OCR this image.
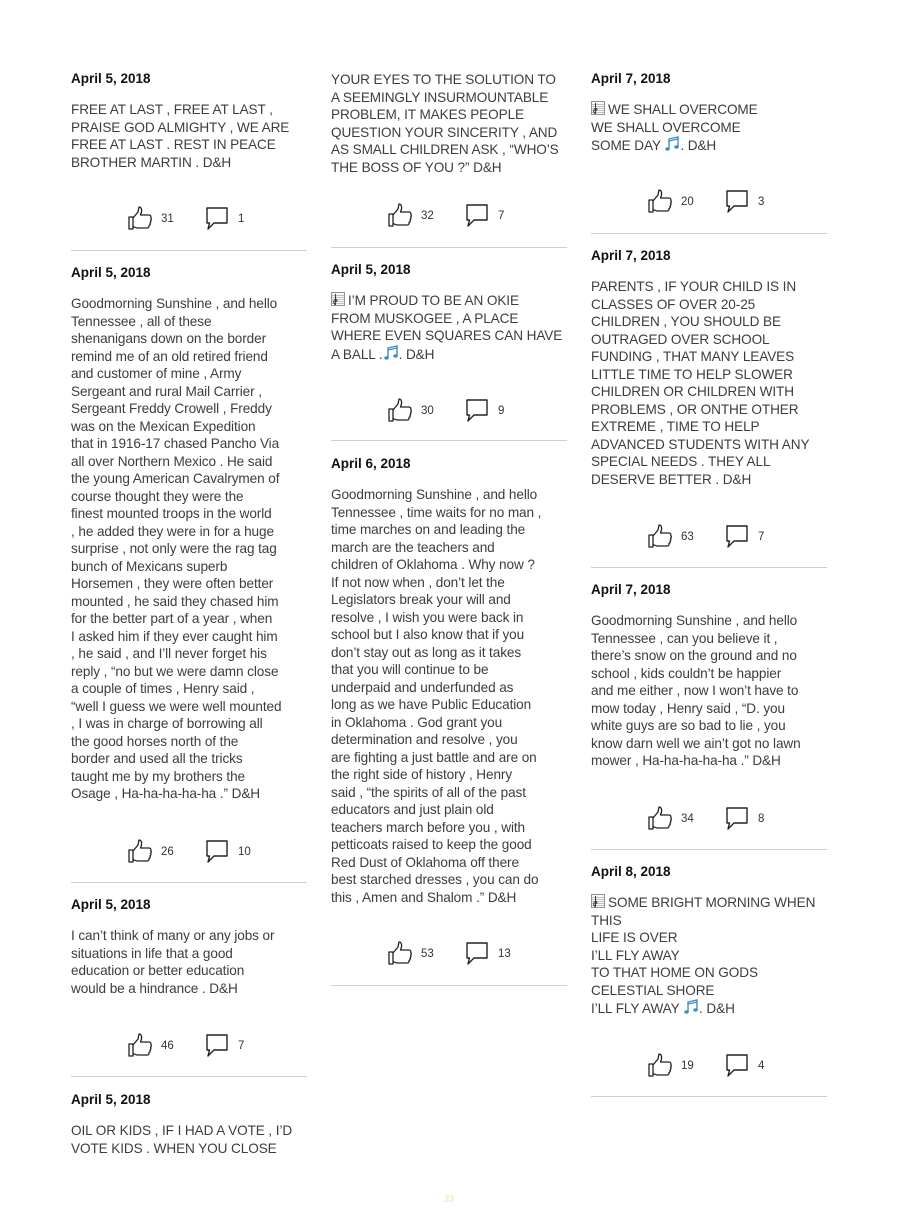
April 5, 2018
FREE AT LAST , FREE AT LAST ,
PRAISE GOD ALMIGHTY , WE ARE
FREE AT LAST . REST IN PEACE
BROTHER MARTIN . D&H
31	1
April 5, 2018
Goodmorning Sunshine , and hello
Tennessee , all of these
shenanigans down on the border
remind me of an old retired friend
and customer of mine , Army
Sergeant and rural Mail Carrier ,
Sergeant Freddy Crowell , Freddy
was on the Mexican Expedition
that in 1916-17 chased Pancho Via
all over Northern Mexico . He said
the young American Cavalrymen of
course thought they were the
finest mounted troops in the world
, he added they were in for a huge
surprise , not only were the rag tag
bunch of Mexicans superb
Horsemen , they were often better
mounted , he said they chased him
for the better part of a year , when
I asked him if they ever caught him
, he said , and I’ll never forget his
reply , “no but we were damn close
a couple of times , Henry said ,
“well I guess we were well mounted
, I was in charge of borrowing all
the good horses north of the
border and used all the tricks
taught me by my brothers the
Osage , Ha-ha-ha-ha-ha .” D&H
26	10
April 5, 2018
I can’t think of many or any jobs or
situations in life that a good
education or better education
would be a hindrance . D&H
46	7
April 5, 2018
OIL OR KIDS , IF I HAD A VOTE , I’D
VOTE KIDS . WHEN YOU CLOSE
YOUR EYES TO THE SOLUTION TO
A SEEMINGLY INSURMOUNTABLE
PROBLEM, IT MAKES PEOPLE
QUESTION YOUR SINCERITY , AND
AS SMALL CHILDREN ASK , “WHO’S
THE BOSS OF YOU ?” D&H
32	7
April 5, 2018
I’M PROUD TO BE AN OKIE
FROM MUSKOGEE , A PLACE
WHERE EVEN SQUARES CAN HAVE
A BALL . . D&H
30	9
April 6, 2018
Goodmorning Sunshine , and hello
Tennessee , time waits for no man ,
time marches on and leading the
march are the teachers and
children of Oklahoma . Why now ?
If not now when , don’t let the
Legislators break your will and
resolve , I wish you were back in
school but I also know that if you
don’t stay out as long as it takes
that you will continue to be
underpaid and underfunded as
long as we have Public Education
in Oklahoma . God grant you
determination and resolve , you
are fighting a just battle and are on
the right side of history , Henry
said , “the spirits of all of the past
educators and just plain old
teachers march before you , with
petticoats raised to keep the good
Red Dust of Oklahoma off there
best starched dresses , you can do
this , Amen and Shalom .” D&H
53	13
April 7, 2018
WE SHALL OVERCOME
WE SHALL OVERCOME
SOME DAY . D&H
20	3
April 7, 2018
PARENTS , IF YOUR CHILD IS IN
CLASSES OF OVER 20-25
CHILDREN , YOU SHOULD BE
OUTRAGED OVER SCHOOL
FUNDING , THAT MANY LEAVES
LITTLE TIME TO HELP SLOWER
CHILDREN OR CHILDREN WITH
PROBLEMS , OR ONTHE OTHER
EXTREME , TIME TO HELP
ADVANCED STUDENTS WITH ANY
SPECIAL NEEDS . THEY ALL
DESERVE BETTER . D&H
63	7
April 7, 2018
Goodmorning Sunshine , and hello
Tennessee , can you believe it ,
there’s snow on the ground and no
school , kids couldn’t be happier
and me either , now I won’t have to
mow today , Henry said , “D. you
white guys are so bad to lie , you
know darn well we ain’t got no lawn
mower , Ha-ha-ha-ha-ha .” D&H
34	8
April 8, 2018
SOME BRIGHT MORNING WHEN
THIS
LIFE IS OVER
I’LL FLY AWAY
TO THAT HOME ON GODS
CELESTIAL SHORE
I’LL FLY AWAY . D&H
19	4
33
